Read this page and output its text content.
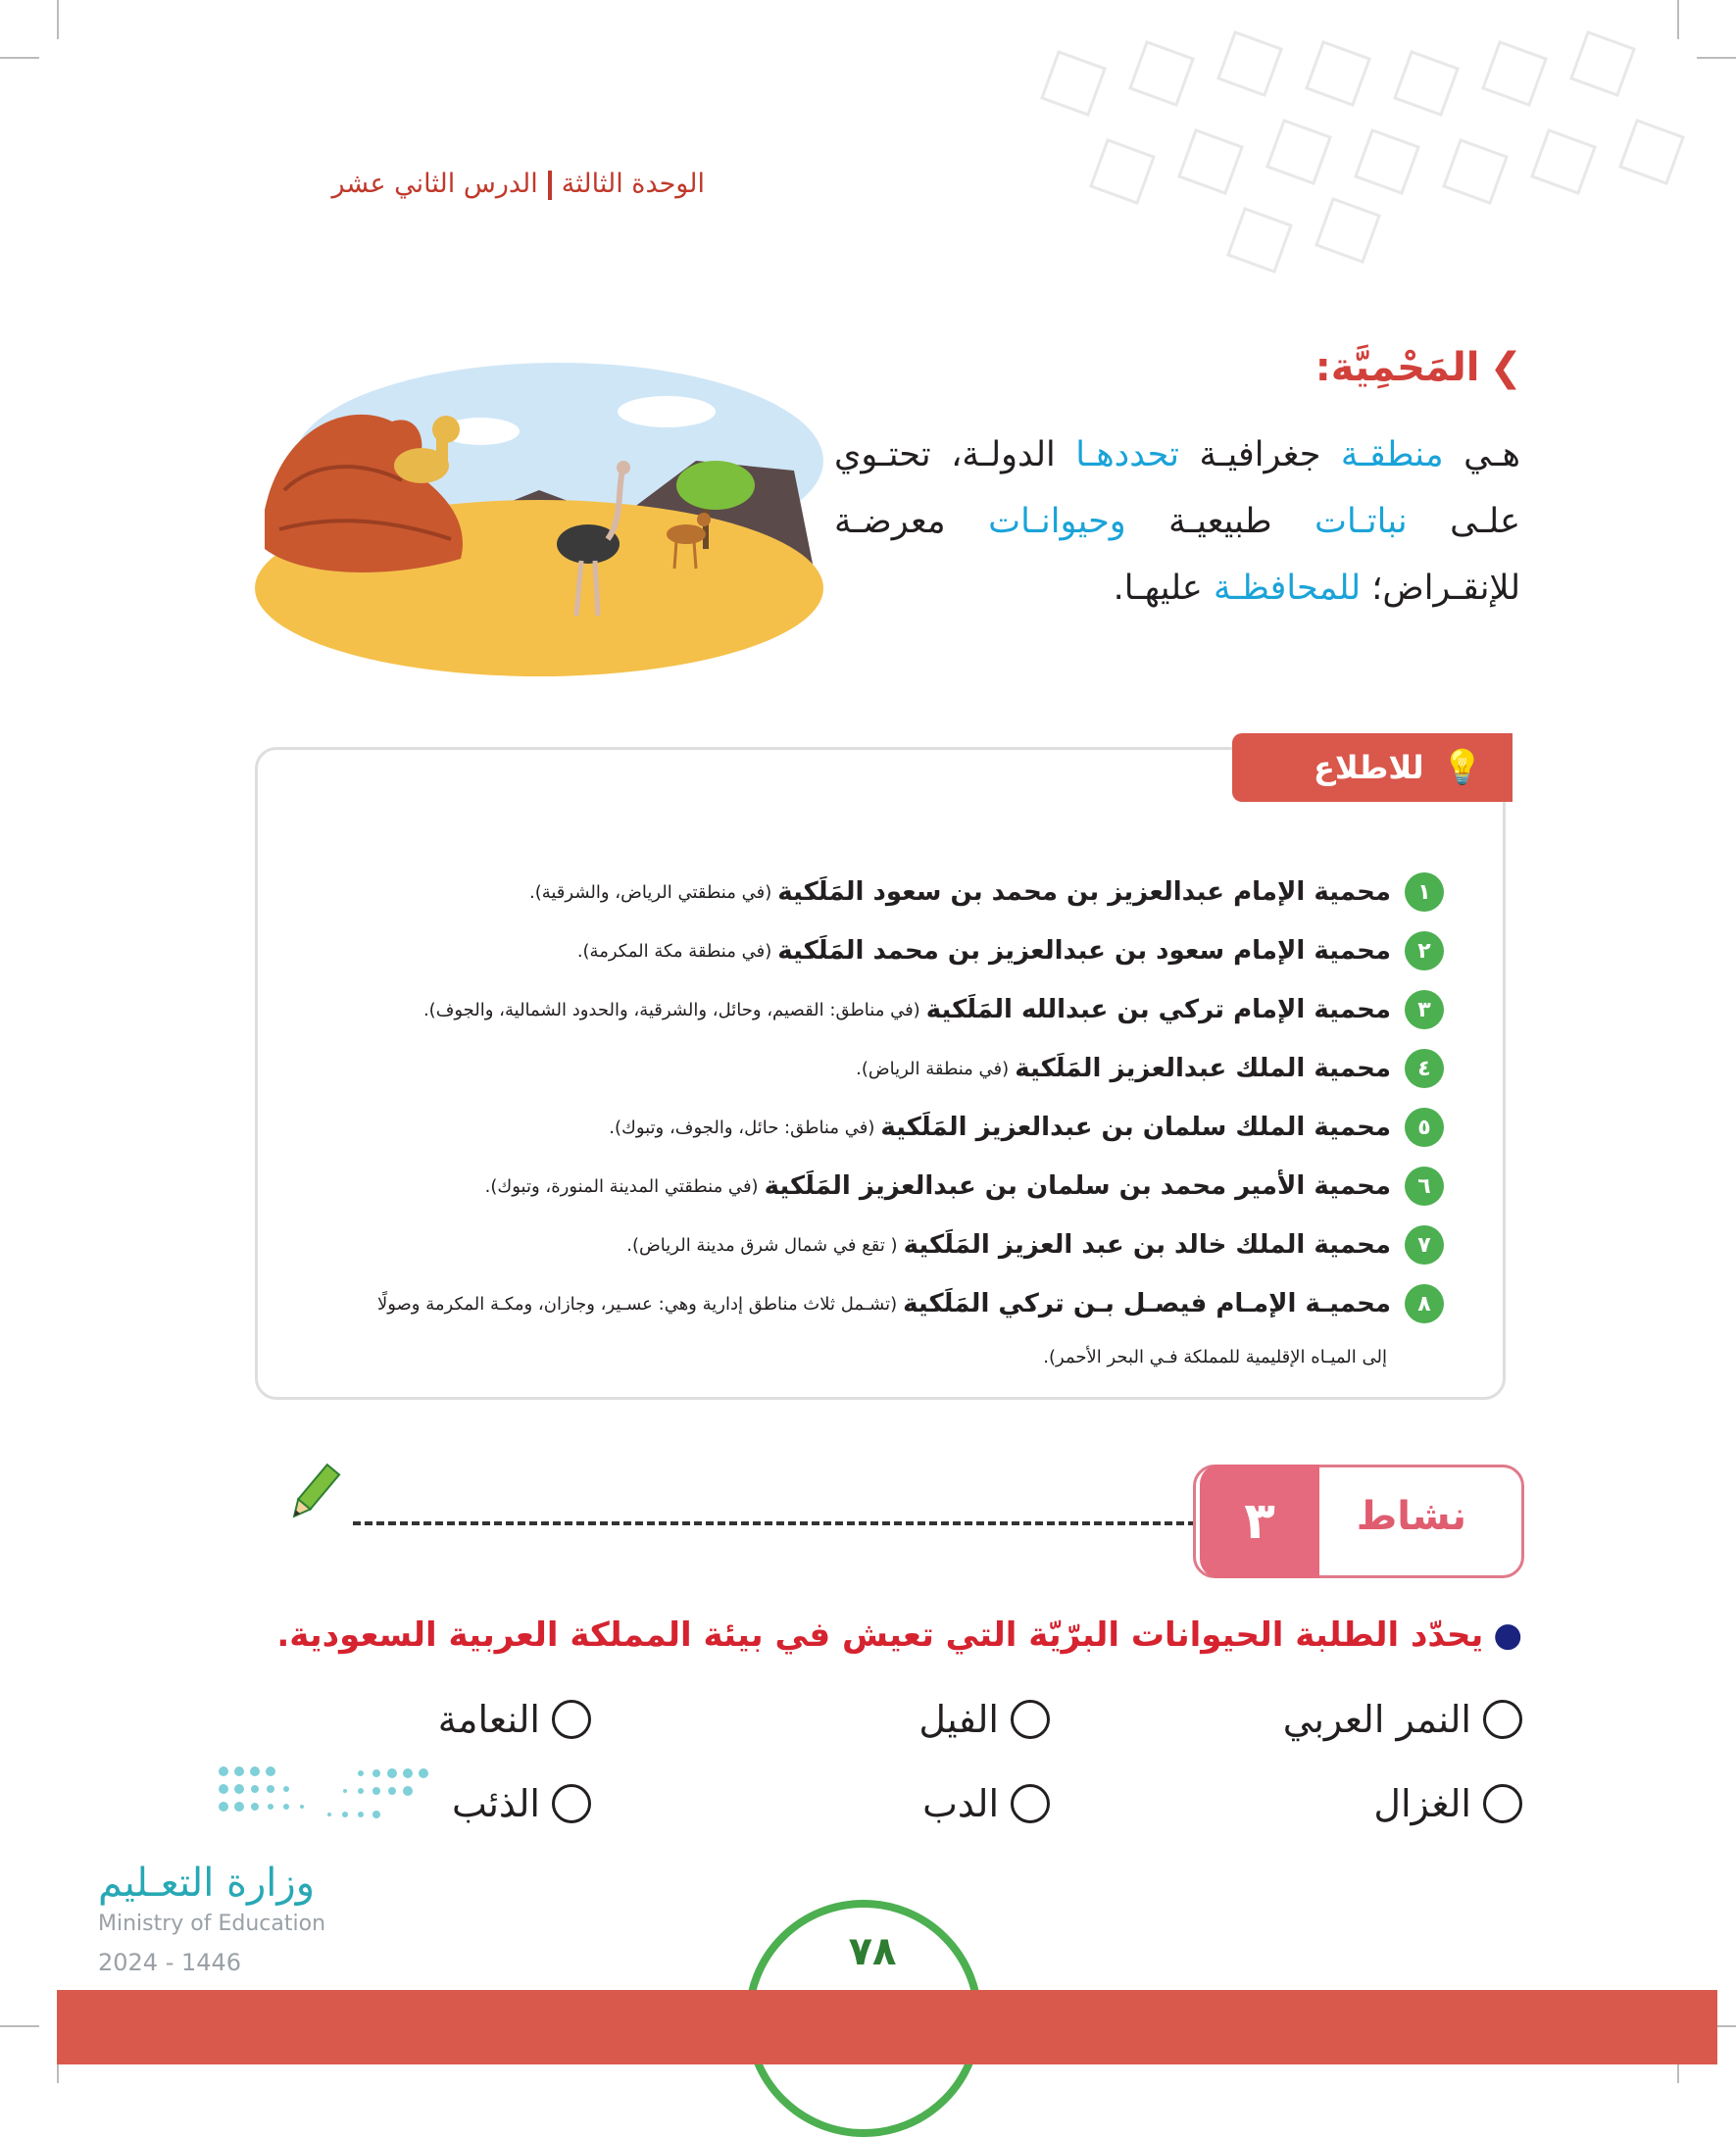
الوحدة الثالثةالدرس الثاني عشر
❯المَحْمِيَّة:
هـي منطقـة جغرافيـة تحددهـا الدولـة، تحتـوي علـى نباتـات طبيعيـة وحيوانـات معرضـة للإنقـراض؛ للمحافظـة عليهـا.
💡
للاطلاع
١
محمية الإمام عبدالعزيز بن محمد بن سعود المَلَكية
(في منطقتي الرياض، والشرقية).
٢
محمية الإمام سعود بن عبدالعزيز بن محمد المَلَكية
(في منطقة مكة المكرمة).
٣
محمية الإمام تركي بن عبدالله المَلَكية
(في مناطق: القصيم، وحائل، والشرقية، والحدود الشمالية، والجوف).
٤
محمية الملك عبدالعزيز المَلَكية
(في منطقة الرياض).
٥
محمية الملك سلمان بن عبدالعزيز المَلَكية
(في مناطق: حائل، والجوف، وتبوك).
٦
محمية الأمير محمد بن سلمان بن عبدالعزيز المَلَكية
(في منطقتي المدينة المنورة، وتبوك).
٧
محمية الملك خالد بن عبد العزيز المَلَكية
( تقع في شمال شرق مدينة الرياض).
٨
محميـة الإمـام فيصـل بـن تركي المَلَكية
(تشـمل ثلاث مناطق إدارية وهي: عسـير، وجازان، ومكـة المكرمة وصولًا
إلى الميـاه الإقليمية للمملكة فـي البحر الأحمر).
٣	نشاط
●يحدّد الطلبة الحيوانات البرّيّة التي تعيش في بيئة المملكة العربية السعودية.
النمر العربي
الفيل
النعامة
الغزال
الدب
الذئب
وزارة التعـليم
Ministry of Education
2024 - 1446	٧٨
